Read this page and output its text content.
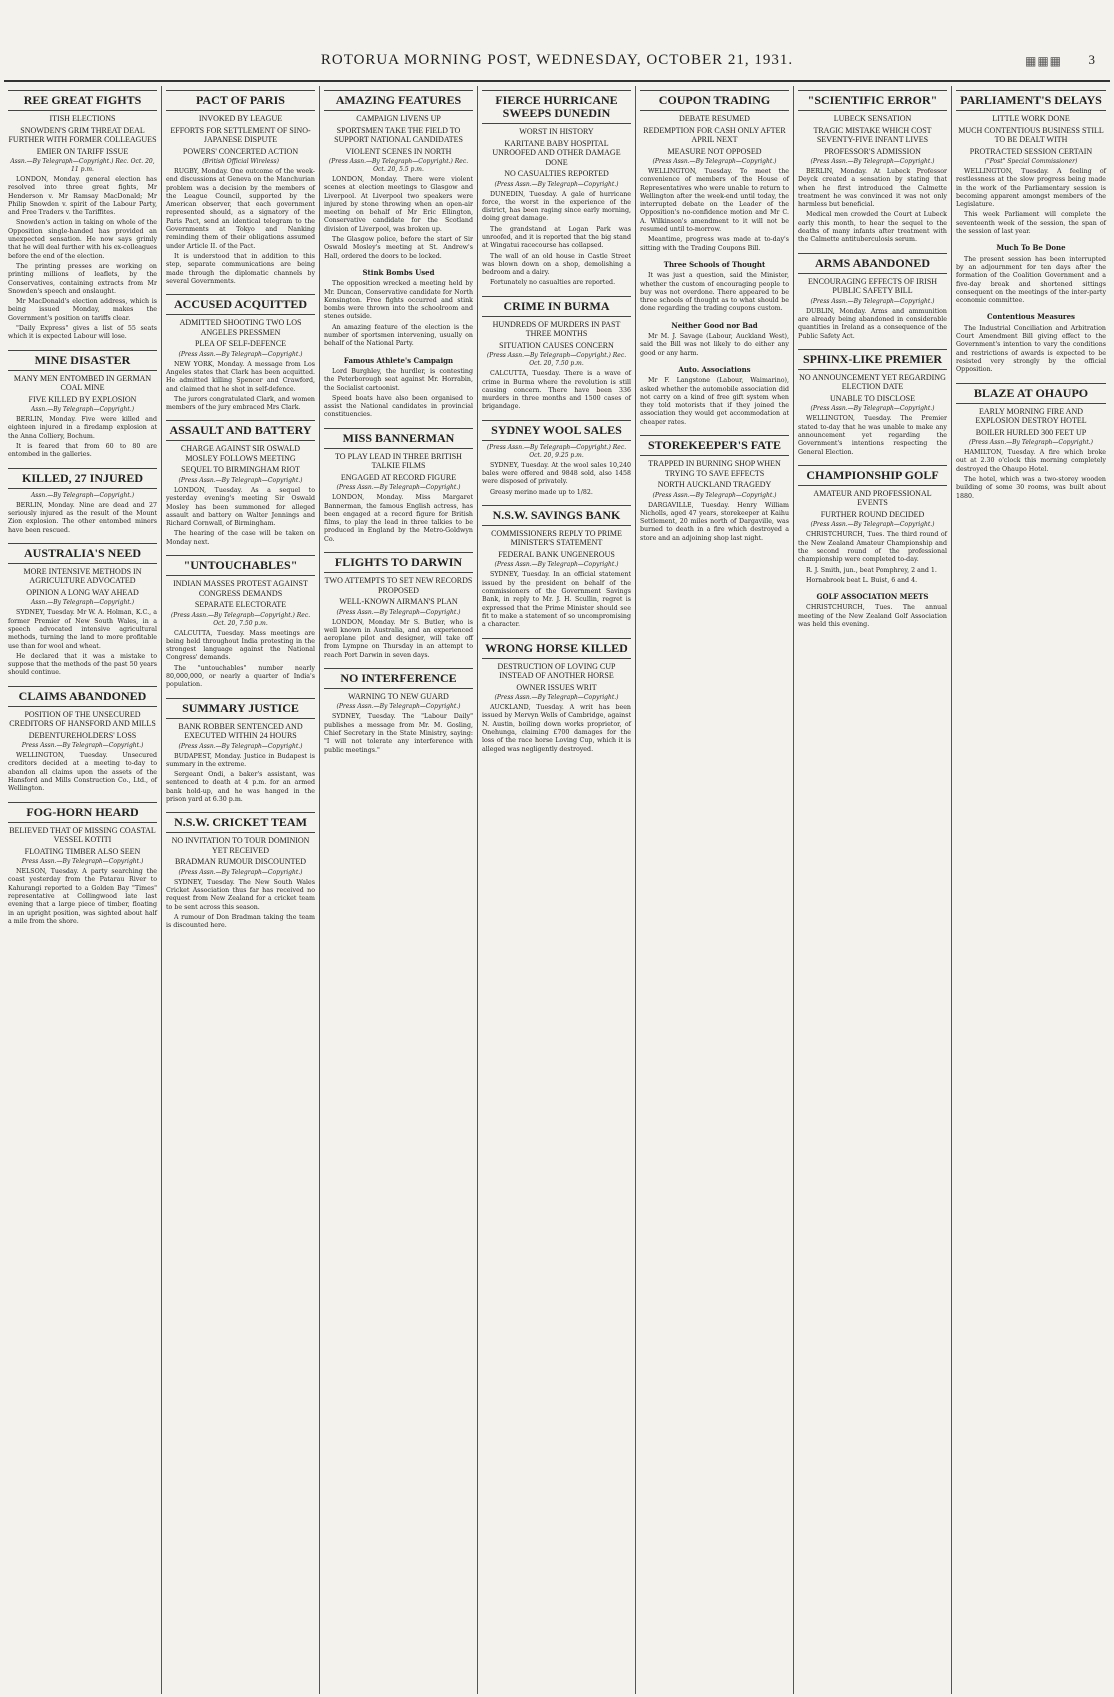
ROTORUA MORNING POST, WEDNESDAY, OCTOBER 21, 1931.	▦▦▦ 3
REE GREAT FIGHTS
ITISH ELECTIONS
SNOWDEN'S GRIM THREAT DEAL FURTHER WITH FORMER COLLEAGUES
EMIER ON TARIFF ISSUE
Assn.—By Telegraph—Copyright.) Rec. Oct. 20, 11 p.m.

LONDON, Monday. general election has resolved into three great fights, Mr Henderson v. Mr Ramsay MacDonald; Mr Philip Snowden v. spirit of the Labour Party, and Free Traders v. the Tariffites.

Snowden's action in taking on whole of the Opposition single-handed has provided an unexpected sensation. He now says grimly that he will deal further with his ex-colleagues before the end of the election.

The printing presses are working on printing millions of leaflets, by the Conservatives, containing extracts from Mr Snowden's speech and onslaught.

Mr MacDonald's election address, which is being issued Monday, makes the Government's position on tariffs clear.

"Daily Express" gives a list of 55 seats which it is expected Labour will lose.

MINE DISASTER
MANY MEN ENTOMBED IN GERMAN COAL MINE
FIVE KILLED BY EXPLOSION
Assn.—By Telegraph—Copyright.)

BERLIN, Monday. Five were killed and eighteen injured in a firedamp explosion at the Anna Colliery, Bochum.

It is feared that from 60 to 80 are entombed in the galleries.

KILLED, 27 INJURED
Assn.—By Telegraph—Copyright.)

BERLIN, Monday. Nine are dead and 27 seriously injured as the result of the Mount Zion explosion. The other entombed miners have been rescued.

AUSTRALIA'S NEED
MORE INTENSIVE METHODS IN AGRICULTURE ADVOCATED
OPINION A LONG WAY AHEAD
Assn.—By Telegraph—Copyright.)

SYDNEY, Tuesday. Mr W. A. Holman, K.C., a former Premier of New South Wales, in a speech advocated intensive agricultural methods, turning the land to more profitable use than for wool and wheat.

He declared that it was a mistake to suppose that the methods of the past 50 years should continue.

CLAIMS ABANDONED
POSITION OF THE UNSECURED CREDITORS OF HANSFORD AND MILLS
DEBENTUREHOLDERS' LOSS
Press Assn.—By Telegraph—Copyright.)

WELLINGTON, Tuesday. Unsecured creditors decided at a meeting to-day to abandon all claims upon the assets of the Hansford and Mills Construction Co., Ltd., of Wellington.

FOG-HORN HEARD
BELIEVED THAT OF MISSING COASTAL VESSEL KOTITI
FLOATING TIMBER ALSO SEEN
Press Assn.—By Telegraph—Copyright.)

NELSON, Tuesday. A party searching the coast yesterday from the Patarau River to Kahurangi reported to a Golden Bay "Times" representative at Collingwood late last evening that a large piece of timber, floating in an upright position, was sighted about half a mile from the shore.

PACT OF PARIS
INVOKED BY LEAGUE
EFFORTS FOR SETTLEMENT OF SINO-JAPANESE DISPUTE
POWERS' CONCERTED ACTION
(British Official Wireless)

RUGBY, Monday. One outcome of the week-end discussions at Geneva on the Manchurian problem was a decision by the members of the League Council, supported by the American observer, that each government represented should, as a signatory of the Paris Pact, send an identical telegram to the Governments at Tokyo and Nanking reminding them of their obligations assumed under Article II. of the Pact.

It is understood that in addition to this step, separate communications are being made through the diplomatic channels by several Governments.

ACCUSED ACQUITTED
ADMITTED SHOOTING TWO LOS ANGELES PRESSMEN
PLEA OF SELF-DEFENCE
(Press Assn.—By Telegraph—Copyright.)

NEW YORK, Monday. A message from Los Angeles states that Clark has been acquitted. He admitted killing Spencer and Crawford, and claimed that he shot in self-defence.

The jurors congratulated Clark, and women members of the jury embraced Mrs Clark.

ASSAULT AND BATTERY
CHARGE AGAINST SIR OSWALD MOSLEY FOLLOWS MEETING
SEQUEL TO BIRMINGHAM RIOT
(Press Assn.—By Telegraph—Copyright.)

LONDON, Tuesday. As a sequel to yesterday evening's meeting Sir Oswald Mosley has been summoned for alleged assault and battery on Walter Jennings and Richard Cornwall, of Birmingham.

The hearing of the case will be taken on Monday next.

"UNTOUCHABLES"
INDIAN MASSES PROTEST AGAINST CONGRESS DEMANDS
SEPARATE ELECTORATE
(Press Assn.—By Telegraph—Copyright.) Rec. Oct. 20, 7.50 p.m.

CALCUTTA, Tuesday. Mass meetings are being held throughout India protesting in the strongest language against the National Congress' demands.

The "untouchables" number nearly 80,000,000, or nearly a quarter of India's population.

SUMMARY JUSTICE
BANK ROBBER SENTENCED AND EXECUTED WITHIN 24 HOURS
(Press Assn.—By Telegraph—Copyright.)

BUDAPEST, Monday. Justice in Budapest is summary in the extreme.

Sergeant Ondi, a baker's assistant, was sentenced to death at 4 p.m. for an armed bank hold-up, and he was hanged in the prison yard at 6.30 p.m.

N.S.W. CRICKET TEAM
NO INVITATION TO TOUR DOMINION YET RECEIVED
BRADMAN RUMOUR DISCOUNTED
(Press Assn.—By Telegraph—Copyright.)

SYDNEY, Tuesday. The New South Wales Cricket Association thus far has received no request from New Zealand for a cricket team to be sent across this season.

A rumour of Don Bradman taking the team is discounted here.

AMAZING FEATURES
CAMPAIGN LIVENS UP
SPORTSMEN TAKE THE FIELD TO SUPPORT NATIONAL CANDIDATES
VIOLENT SCENES IN NORTH
(Press Assn.—By Telegraph—Copyright.) Rec. Oct. 20, 5.5 p.m.

LONDON, Monday. There were violent scenes at election meetings to Glasgow and Liverpool. At Liverpool two speakers were injured by stone throwing when an open-air meeting on behalf of Mr Eric Ellington, Conservative candidate for the Scotland division of Liverpool, was broken up.

The Glasgow police, before the start of Sir Oswald Mosley's meeting at St. Andrew's Hall, ordered the doors to be locked.

Stink Bombs Used

The opposition wrecked a meeting held by Mr. Duncan, Conservative candidate for North Kensington. Free fights occurred and stink bombs were thrown into the schoolroom and stenes outside.

An amazing feature of the election is the number of sportsmen intervening, usually on behalf of the National Party.

Famous Athlete's Campaign

Lord Burghley, the hurdler, is contesting the Peterborough seat against Mr. Horrabin, the Socialist cartoonist.

Speed boats have also been organised to assist the National candidates in provincial constituencies.

MISS BANNERMAN
TO PLAY LEAD IN THREE BRITISH TALKIE FILMS
ENGAGED AT RECORD FIGURE
(Press Assn.—By Telegraph—Copyright.)

LONDON, Monday. Miss Margaret Bannerman, the famous English actress, has been engaged at a record figure for British films, to play the lead in three talkies to be produced in England by the Metro-Goldwyn Co.

FLIGHTS TO DARWIN
TWO ATTEMPTS TO SET NEW RECORDS PROPOSED
WELL-KNOWN AIRMAN'S PLAN
(Press Assn.—By Telegraph—Copyright.)

LONDON, Monday. Mr S. Butler, who is well known in Australia, and an experienced aeroplane pilot and designer, will take off from Lympne on Thursday in an attempt to reach Port Darwin in seven days.

NO INTERFERENCE
WARNING TO NEW GUARD
(Press Assn.—By Telegraph—Copyright.)

SYDNEY, Tuesday. The "Labour Daily" publishes a message from Mr. M. Gosling, Chief Secretary in the State Ministry, saying: "I will not tolerate any interference with public meetings."

FIERCE HURRICANE SWEEPS DUNEDIN
WORST IN HISTORY
KARITANE BABY HOSPITAL UNROOFED AND OTHER DAMAGE DONE
NO CASUALTIES REPORTED
(Press Assn.—By Telegraph—Copyright.)

DUNEDIN, Tuesday. A gale of hurricane force, the worst in the experience of the district, has been raging since early morning, doing great damage.

The grandstand at Logan Park was unroofed, and it is reported that the big stand at Wingatui racecourse has collapsed.

The wall of an old house in Castle Street was blown down on a shop, demolishing a bedroom and a dairy.

Fortunately no casualties are reported.

CRIME IN BURMA
HUNDREDS OF MURDERS IN PAST THREE MONTHS
SITUATION CAUSES CONCERN
(Press Assn.—By Telegraph—Copyright.) Rec. Oct. 20, 7.50 p.m.

CALCUTTA, Tuesday. There is a wave of crime in Burma where the revolution is still causing concern. There have been 336 murders in three months and 1500 cases of brigandage.

SYDNEY WOOL SALES
(Press Assn.—By Telegraph—Copyright.) Rec. Oct. 20, 9.25 p.m.

SYDNEY, Tuesday. At the wool sales 10,240 bales were offered and 9848 sold, also 1458 were disposed of privately.

Greasy merino made up to 1/82.

N.S.W. SAVINGS BANK
COMMISSIONERS REPLY TO PRIME MINISTER'S STATEMENT
FEDERAL BANK UNGENEROUS
(Press Assn.—By Telegraph—Copyright.)

SYDNEY, Tuesday. In an official statement issued by the president on behalf of the commissioners of the Government Savings Bank, in reply to Mr. J. H. Scullin, regret is expressed that the Prime Minister should see fit to make a statement of so uncompromising a character.

WRONG HORSE KILLED
DESTRUCTION OF LOVING CUP INSTEAD OF ANOTHER HORSE
OWNER ISSUES WRIT
(Press Assn.—By Telegraph—Copyright.)

AUCKLAND, Tuesday. A writ has been issued by Mervyn Wells of Cambridge, against N. Austin, boiling down works proprietor, of Onehunga, claiming £700 damages for the loss of the race horse Loving Cup, which it is alleged was negligently destroyed.

COUPON TRADING
DEBATE RESUMED
REDEMPTION FOR CASH ONLY AFTER APRIL NEXT
MEASURE NOT OPPOSED
(Press Assn.—By Telegraph—Copyright.)

WELLINGTON, Tuesday. To meet the convenience of members of the House of Representatives who were unable to return to Wellington after the week-end until today, the interrupted debate on the Leader of the Opposition's no-confidence motion and Mr C. A. Wilkinson's amendment to it will not be resumed until to-morrow.

Meantime, progress was made at to-day's sitting with the Trading Coupons Bill.

Three Schools of Thought

It was just a question, said the Minister, whether the custom of encouraging people to buy was not overdone. There appeared to be three schools of thought as to what should be done regarding the trading coupons custom.

Neither Good nor Bad

Mr M. J. Savage (Labour, Auckland West), said the Bill was not likely to do either any good or any harm.

Auto. Associations

Mr F. Langstone (Labour, Waimarino), asked whether the automobile association did not carry on a kind of free gift system when they told motorists that if they joined the association they would get accommodation at cheaper rates.

STOREKEEPER'S FATE
TRAPPED IN BURNING SHOP WHEN TRYING TO SAVE EFFECTS
NORTH AUCKLAND TRAGEDY
(Press Assn.—By Telegraph—Copyright.)

DARGAVILLE, Tuesday. Henry William Nicholls, aged 47 years, storekeeper at Kaihu Settlement, 20 miles north of Dargaville, was burned to death in a fire which destroyed a store and an adjoining shop last night.

"SCIENTIFIC ERROR"
LUBECK SENSATION
TRAGIC MISTAKE WHICH COST SEVENTY-FIVE INFANT LIVES
PROFESSOR'S ADMISSION
(Press Assn.—By Telegraph—Copyright.)

BERLIN, Monday. At Lubeck Professor Deyck created a sensation by stating that when he first introduced the Calmette treatment he was convinced it was not only harmless but beneficial.

Medical men crowded the Court at Lubeck early this month, to hear the sequel to the deaths of many infants after treatment with the Calmette antituberculosis serum.

ARMS ABANDONED
ENCOURAGING EFFECTS OF IRISH PUBLIC SAFETY BILL
(Press Assn.—By Telegraph—Copyright.)

DUBLIN, Monday. Arms and ammunition are already being abandoned in considerable quantities in Ireland as a consequence of the Public Safety Act.

SPHINX-LIKE PREMIER
NO ANNOUNCEMENT YET REGARDING ELECTION DATE
UNABLE TO DISCLOSE
(Press Assn.—By Telegraph—Copyright.)

WELLINGTON, Tuesday. The Premier stated to-day that he was unable to make any announcement yet regarding the Government's intentions respecting the General Election.

CHAMPIONSHIP GOLF
AMATEUR AND PROFESSIONAL EVENTS
FURTHER ROUND DECIDED
(Press Assn.—By Telegraph—Copyright.)

CHRISTCHURCH, Tues. The third round of the New Zealand Amateur Championship and the second round of the professional championship were completed to-day.

R. J. Smith, jun., beat Pomphrey, 2 and 1.

Hornabrook beat L. Buist, 6 and 4.

GOLF ASSOCIATION MEETS

CHRISTCHURCH, Tues. The annual meeting of the New Zealand Golf Association was held this evening.

PARLIAMENT'S DELAYS
LITTLE WORK DONE
MUCH CONTENTIOUS BUSINESS STILL TO BE DEALT WITH
PROTRACTED SESSION CERTAIN
("Post" Special Commissioner)

WELLINGTON, Tuesday. A feeling of restlessness at the slow progress being made in the work of the Parliamentary session is becoming apparent amongst members of the Legislature.

This week Parliament will complete the seventeenth week of the session, the span of the session of last year.

Much To Be Done

The present session has been interrupted by an adjournment for ten days after the formation of the Coalition Government and a five-day break and shortened sittings consequent on the meetings of the inter-party economic committee.

Contentious Measures

The Industrial Conciliation and Arbitration Court Amendment Bill giving effect to the Government's intention to vary the conditions and restrictions of awards is expected to be resisted very strongly by the official Opposition.

BLAZE AT OHAUPO
EARLY MORNING FIRE AND EXPLOSION DESTROY HOTEL
BOILER HURLED 300 FEET UP
(Press Assn.—By Telegraph—Copyright.)

HAMILTON, Tuesday. A fire which broke out at 2.30 o'clock this morning completely destroyed the Ohaupo Hotel.

The hotel, which was a two-storey wooden building of some 30 rooms, was built about 1880.
